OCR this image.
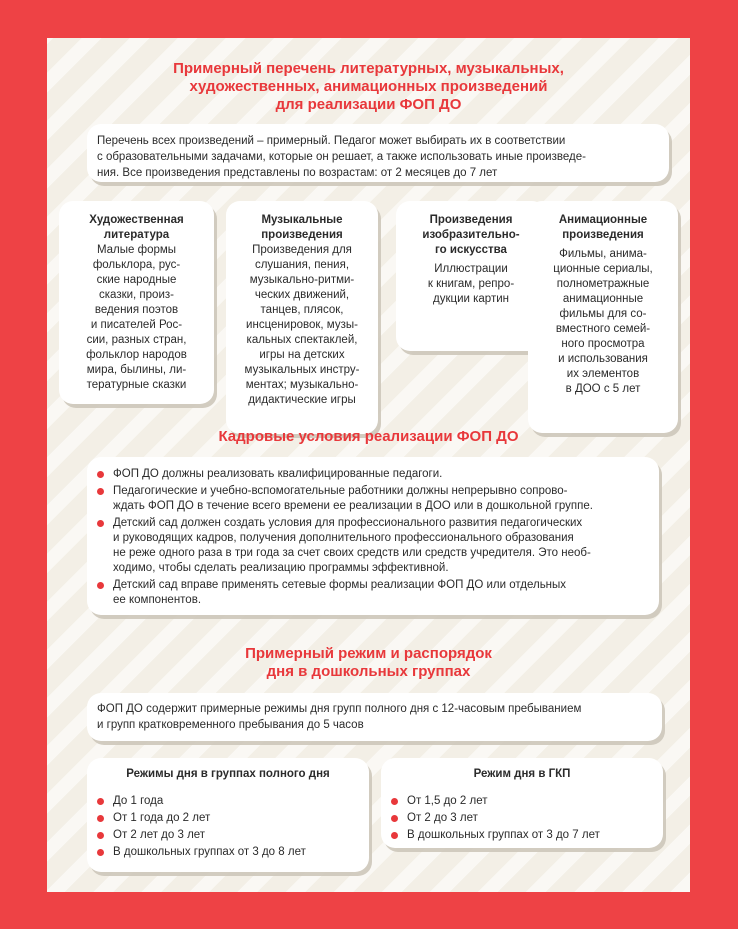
Примерный перечень литературных, музыкальных,
художественных, анимационных произведений
для реализации ФОП ДО
Перечень всех произведений – примерный. Педагог может выбирать их в соответствии
с образовательными задачами, которые он решает, а также использовать иные произведе-
ния. Все произведения представлены по возрастам: от 2 месяцев до 7 лет
Художественная
литература
Малые формы
фольклора, рус-
ские народные
сказки, произ-
ведения поэтов
и писателей Рос-
сии, разных стран,
фольклор народов
мира, былины, ли-
тературные сказки
Музыкальные
произведения
Произведения для
слушания, пения,
музыкально-ритми-
ческих движений,
танцев, плясок,
инсценировок, музы-
кальных спектаклей,
игры на детских
музыкальных инстру-
ментах; музыкально-
дидактические игры
Произведения
изобразительно-
го искусства
Иллюстрации
к книгам, репро-
дукции картин
Анимационные
произведения
Фильмы, анима-
ционные сериалы,
полнометражные
анимационные
фильмы для со-
вместного семей-
ного просмотра
и использования
их элементов
в ДОО с 5 лет
Кадровые условия реализации ФОП ДО
ФОП ДО должны реализовать квалифицированные педагоги.
Педагогические и учебно-вспомогательные работники должны непрерывно сопрово-
ждать ФОП ДО в течение всего времени ее реализации в ДОО или в дошкольной группе.
Детский сад должен создать условия для профессионального развития педагогических
и руководящих кадров, получения дополнительного профессионального образования
не реже одного раза в три года за счет своих средств или средств учредителя. Это необ-
ходимо, чтобы сделать реализацию программы эффективной.
Детский сад вправе применять сетевые формы реализации ФОП ДО или отдельных
ее компонентов.
Примерный режим и распорядок
дня в дошкольных группах
ФОП ДО содержит примерные режимы дня групп полного дня с 12-часовым пребыванием
и групп кратковременного пребывания до 5 часов
Режимы дня в группах полного дня
До 1 года
От 1 года до 2 лет
От 2 лет до 3 лет
В дошкольных группах от 3 до 8 лет
Режим дня в ГКП
От 1,5 до 2 лет
От 2 до 3 лет
В дошкольных группах от 3 до 7 лет
